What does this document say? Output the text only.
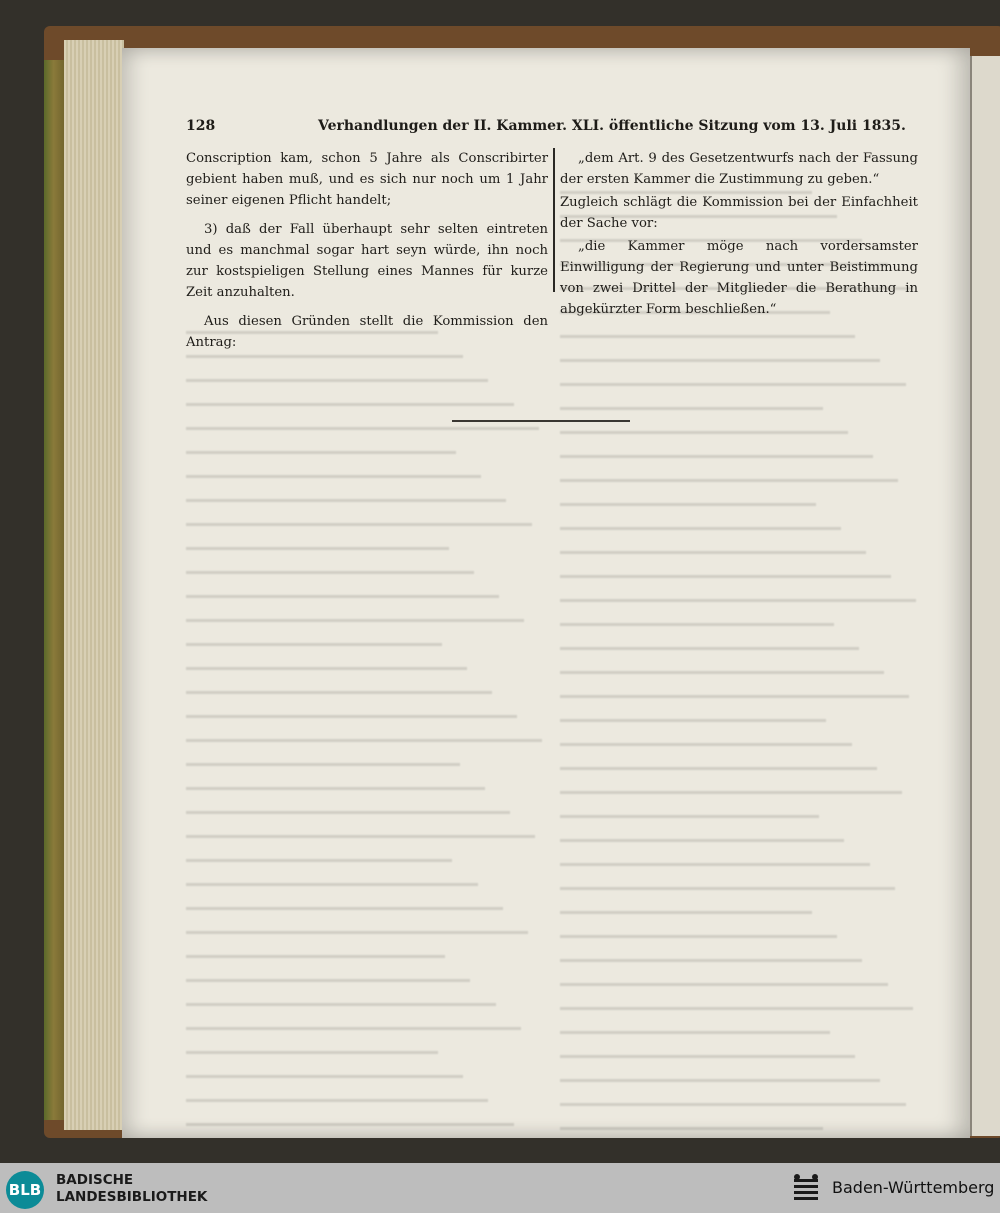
128	Verhandlungen der II. Kammer. XLI. öffentliche Sitzung vom 13. Juli 1835.

Conscription kam, schon 5 Jahre als Conscribirter gebient haben muß, und es sich nur noch um 1 Jahr seiner eigenen Pflicht handelt;

3) daß der Fall überhaupt sehr selten eintreten und es manchmal sogar hart seyn würde, ihn noch zur kostspieligen Stellung eines Mannes für kurze Zeit anzuhalten.

Aus diesen Gründen stellt die Kommission den Antrag:

„dem Art. 9 des Gesetzentwurfs nach der Fassung der ersten Kammer die Zustimmung zu geben.“

Zugleich schlägt die Kommission bei der Einfachheit der Sache vor:

„die Kammer möge nach vordersamster Einwilligung der Regierung und unter Beistimmung von zwei Drittel der Mitglieder die Berathung in abgekürzter Form beschließen.“

BLB
BADISCHE
LANDESBIBLIOTHEK	Baden-Württemberg
